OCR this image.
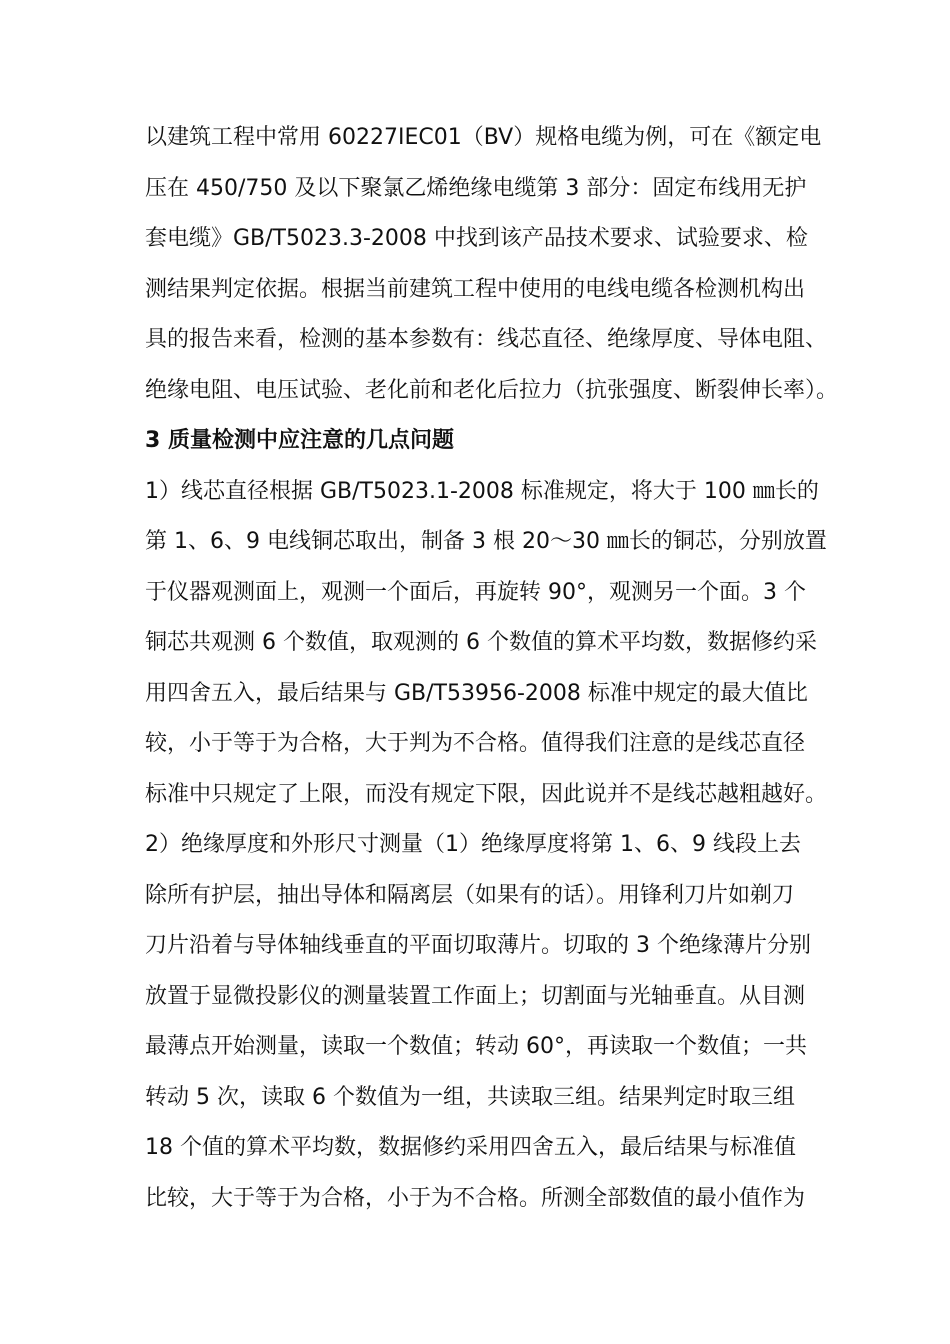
以建筑工程中常用 60227IEC01（BV）规格电缆为例，可在《额定电
压在 450/750 及以下聚氯乙烯绝缘电缆第 3 部分：固定布线用无护
套电缆》GB/T5023.3-2008 中找到该产品技术要求、试验要求、检
测结果判定依据。根据当前建筑工程中使用的电线电缆各检测机构出
具的报告来看，检测的基本参数有：线芯直径、绝缘厚度、导体电阻、
绝缘电阻、电压试验、老化前和老化后拉力（抗张强度、断裂伸长率）。
3 质量检测中应注意的几点问题
1）线芯直径根据 GB/T5023.1-2008 标准规定，将大于 100 ㎜长的
第 1、6、9 电线铜芯取出，制备 3 根 20～30 ㎜长的铜芯，分别放置
于仪器观测面上，观测一个面后，再旋转 90°，观测另一个面。3 个
铜芯共观测 6 个数值，取观测的 6 个数值的算术平均数，数据修约采
用四舍五入，最后结果与 GB/T53956-2008 标准中规定的最大值比
较，小于等于为合格，大于判为不合格。值得我们注意的是线芯直径
标准中只规定了上限，而没有规定下限，因此说并不是线芯越粗越好。
2）绝缘厚度和外形尺寸测量（1）绝缘厚度将第 1、6、9 线段上去
除所有护层，抽出导体和隔离层（如果有的话）。用锋利刀片如剃刀
刀片沿着与导体轴线垂直的平面切取薄片。切取的 3 个绝缘薄片分别
放置于显微投影仪的测量装置工作面上；切割面与光轴垂直。从目测
最薄点开始测量，读取一个数值；转动 60°，再读取一个数值；一共
转动 5 次，读取 6 个数值为一组，共读取三组。结果判定时取三组
18 个值的算术平均数，数据修约采用四舍五入，最后结果与标准值
比较，大于等于为合格，小于为不合格。所测全部数值的最小值作为
